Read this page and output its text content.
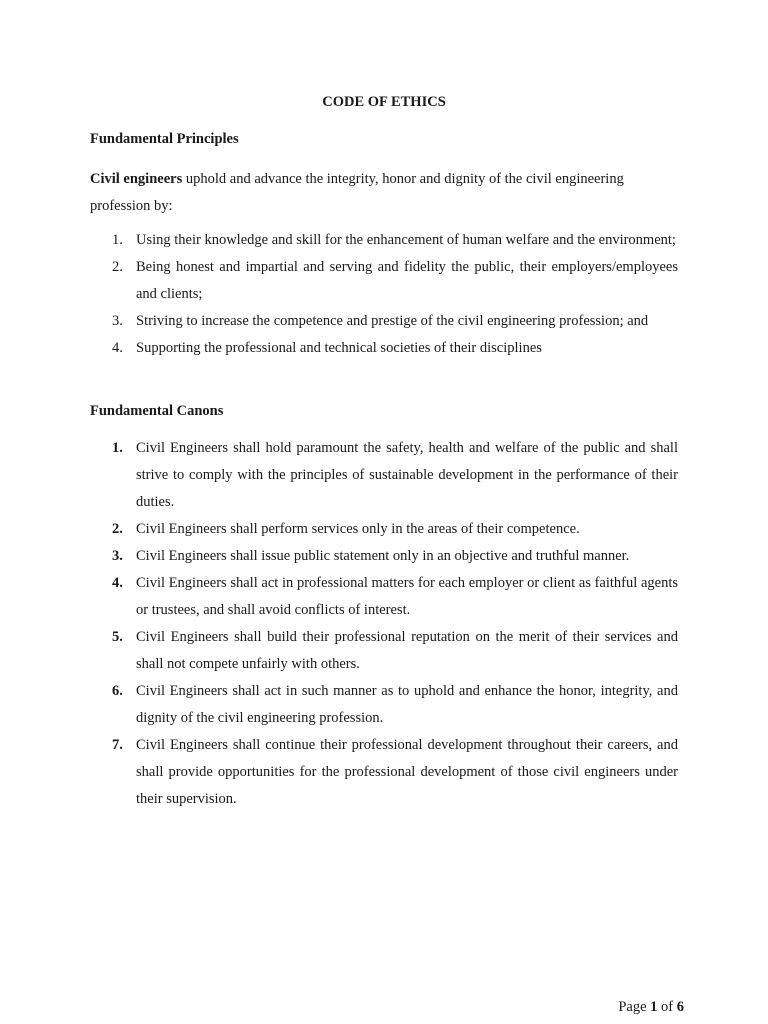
CODE OF ETHICS
Fundamental Principles
Civil engineers uphold and advance the integrity, honor and dignity of the civil engineering profession by:
1. Using their knowledge and skill for the enhancement of human welfare and the environment;
2. Being honest and impartial and serving and fidelity the public, their employers/employees and clients;
3. Striving to increase the competence and prestige of the civil engineering profession; and
4. Supporting the professional and technical societies of their disciplines
Fundamental Canons
1. Civil Engineers shall hold paramount the safety, health and welfare of the public and shall strive to comply with the principles of sustainable development in the performance of their duties.
2. Civil Engineers shall perform services only in the areas of their competence.
3. Civil Engineers shall issue public statement only in an objective and truthful manner.
4. Civil Engineers shall act in professional matters for each employer or client as faithful agents or trustees, and shall avoid conflicts of interest.
5. Civil Engineers shall build their professional reputation on the merit of their services and shall not compete unfairly with others.
6. Civil Engineers shall act in such manner as to uphold and enhance the honor, integrity, and dignity of the civil engineering profession.
7. Civil Engineers shall continue their professional development throughout their careers, and shall provide opportunities for the professional development of those civil engineers under their supervision.
Page 1 of 6
